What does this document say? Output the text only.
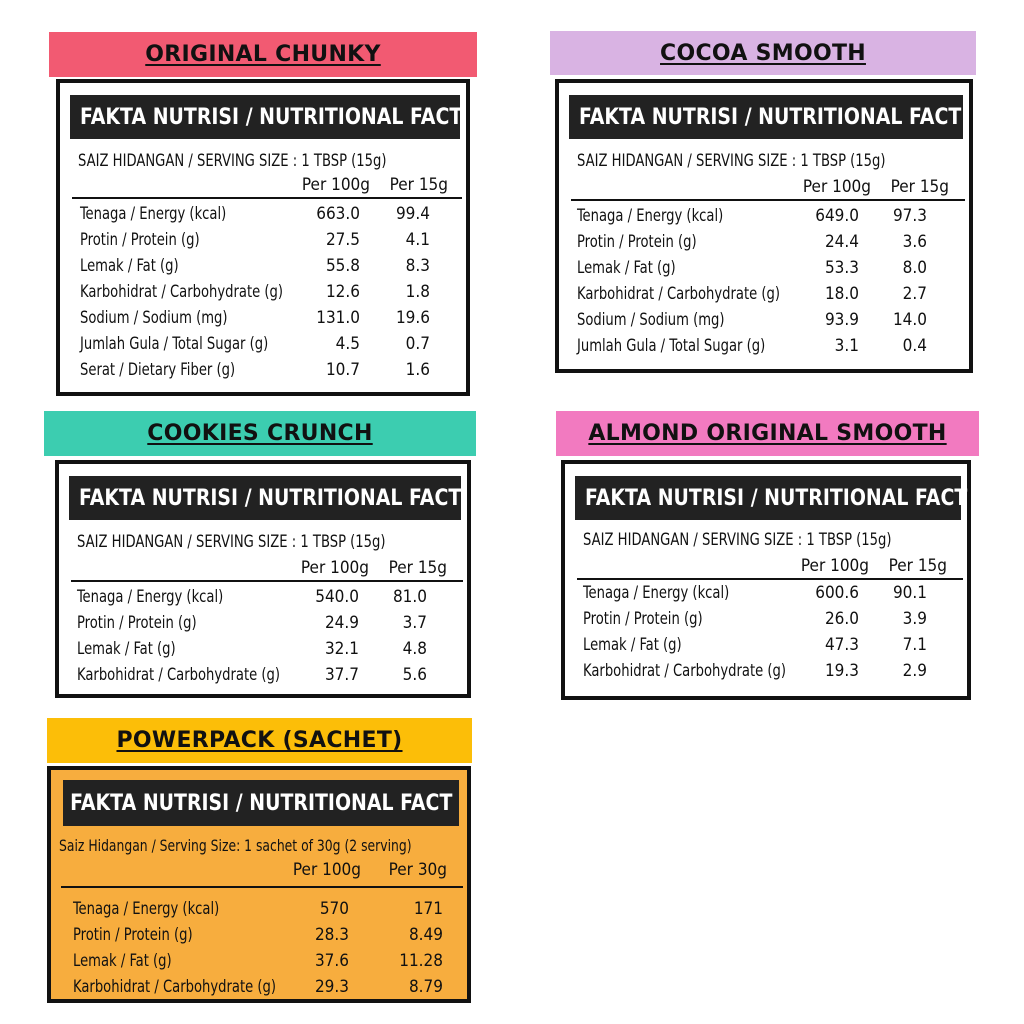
ORIGINAL CHUNKY
FAKTA NUTRISI / NUTRITIONAL FACT
SAIZ HIDANGAN / SERVING SIZE : 1 TBSP (15g)
Per 100g	Per 15g
Tenaga / Energy (kcal)	663.0 99.4
Protin / Protein (g)	27.5	4.1
Lemak / Fat (g)	55.8	8.3
Karbohidrat / Carbohydrate (g)	12.6	1.8
Sodium / Sodium (mg)	131.0 19.6
Jumlah Gula / Total Sugar (g)	4.5	0.7
Serat / Dietary Fiber (g)	10.7	1.6
COCOA SMOOTH
FAKTA NUTRISI / NUTRITIONAL FACT
SAIZ HIDANGAN / SERVING SIZE : 1 TBSP (15g)
Per 100g	Per 15g
Tenaga / Energy (kcal)	649.0 97.3
Protin / Protein (g)	24.4	3.6
Lemak / Fat (g)	53.3	8.0
Karbohidrat / Carbohydrate (g)	18.0	2.7
Sodium / Sodium (mg)	93.9 14.0
Jumlah Gula / Total Sugar (g)	3.1	0.4
COOKIES CRUNCH
FAKTA NUTRISI / NUTRITIONAL FACT
SAIZ HIDANGAN / SERVING SIZE : 1 TBSP (15g)
Per 100g	Per 15g
Tenaga / Energy (kcal)	540.0 81.0
Protin / Protein (g)	24.9	3.7
Lemak / Fat (g)	32.1	4.8
Karbohidrat / Carbohydrate (g)	37.7	5.6
ALMOND ORIGINAL SMOOTH
FAKTA NUTRISI / NUTRITIONAL FACT
SAIZ HIDANGAN / SERVING SIZE : 1 TBSP (15g)
Per 100g	Per 15g
Tenaga / Energy (kcal)	600.6 90.1
Protin / Protein (g)	26.0	3.9
Lemak / Fat (g)	47.3	7.1
Karbohidrat / Carbohydrate (g) 19.3	2.9
POWERPACK (SACHET)
FAKTA NUTRISI / NUTRITIONAL FACT
Saiz Hidangan / Serving Size: 1 sachet of 30g (2 serving)
Per 100g	Per 30g
Tenaga / Energy (kcal)	570	171
Protin / Protein (g)	28.3	8.49
Lemak / Fat (g)	37.6	11.28
Karbohidrat / Carbohydrate (g) 29.3	8.79
